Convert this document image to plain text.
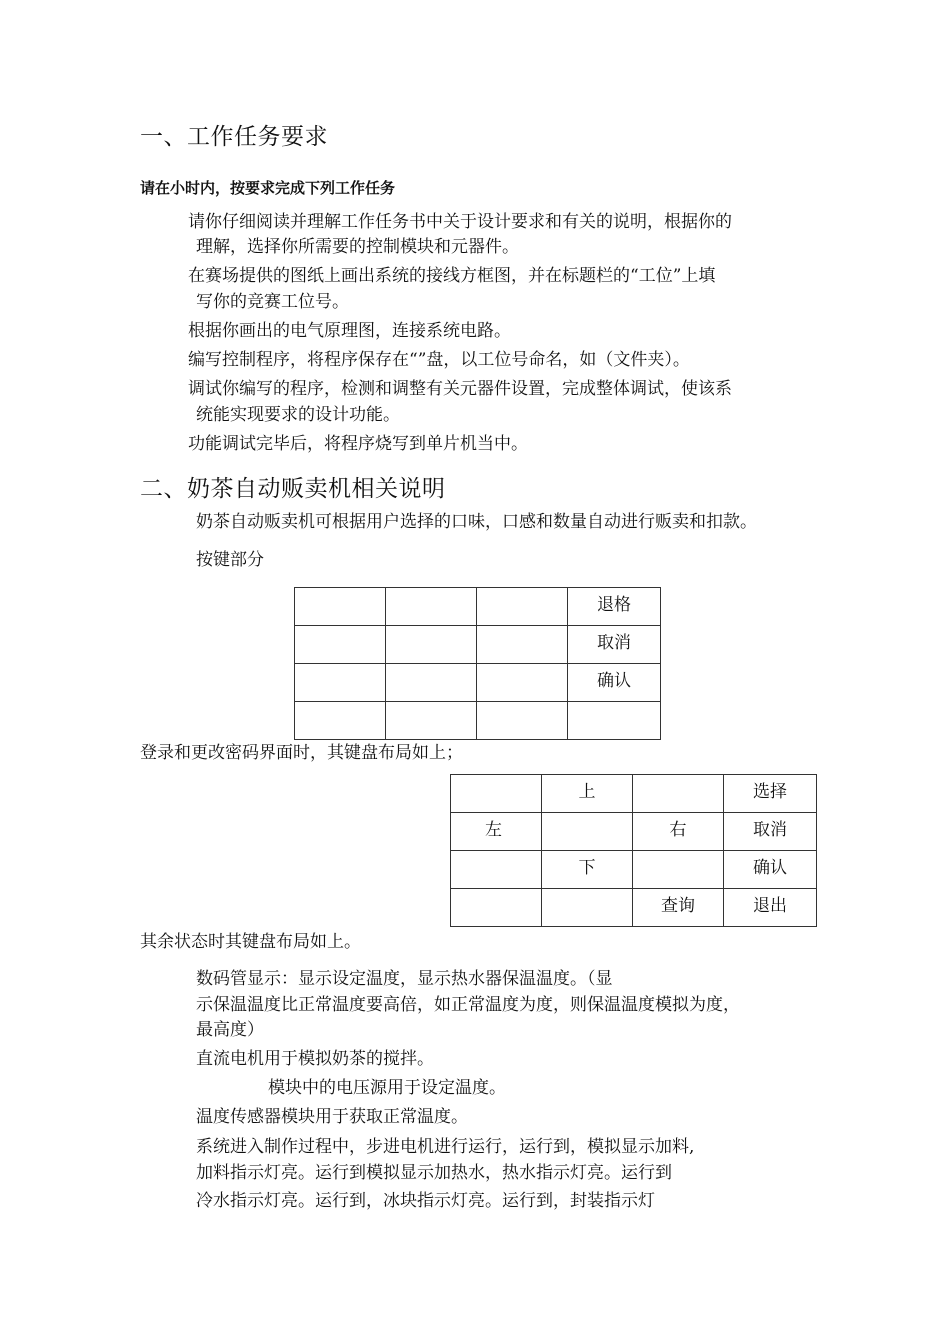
一、工作任务要求
请在小时内，按要求完成下列工作任务
请你仔细阅读并理解工作任务书中关于设计要求和有关的说明，根据你的
理解，选择你所需要的控制模块和元器件。
在赛场提供的图纸上画出系统的接线方框图，并在标题栏的“工位”上填
写你的竞赛工位号。
根据你画出的电气原理图，连接系统电路。
编写控制程序，将程序保存在“”盘，以工位号命名，如（文件夹）。
调试你编写的程序，检测和调整有关元器件设置，完成整体调试，使该系
统能实现要求的设计功能。
功能调试完毕后，将程序烧写到单片机当中。
二、奶茶自动贩卖机相关说明
奶茶自动贩卖机可根据用户选择的口味，口感和数量自动进行贩卖和扣款。
按键部分
			退格
			取消
			确认

登录和更改密码界面时，其键盘布局如上；
	上		选择
左		右	取消
	下		确认
		查询	退出
其余状态时其键盘布局如上。
数码管显示：显示设定温度，显示热水器保温温度。（显
示保温温度比正常温度要高倍，如正常温度为度，则保温温度模拟为度，
最高度）
直流电机用于模拟奶茶的搅拌。
模块中的电压源用于设定温度。
温度传感器模块用于获取正常温度。
系统进入制作过程中，步进电机进行运行，运行到，模拟显示加料,
加料指示灯亮。运行到模拟显示加热水，热水指示灯亮。运行到
冷水指示灯亮。运行到，冰块指示灯亮。运行到，封装指示灯
